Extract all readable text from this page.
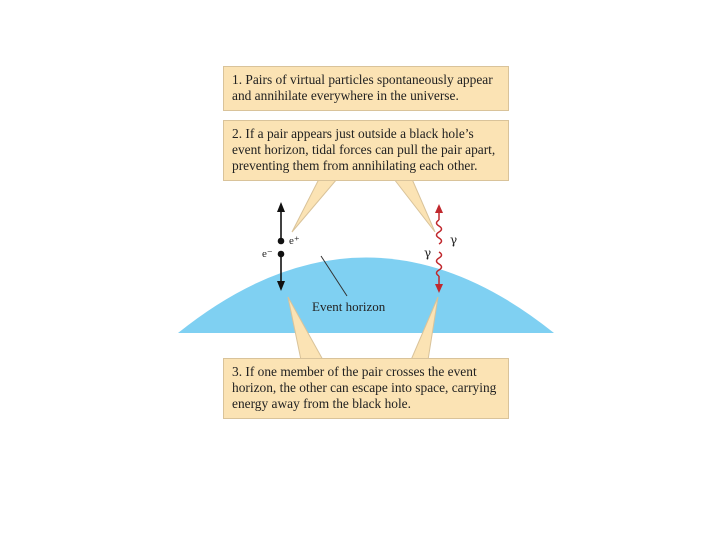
Event horizon
e⁺
e⁻
γ
γ
1. Pairs of virtual particles spontaneously appear
and annihilate everywhere in the universe.
2. If a pair appears just outside a black hole’s
event horizon, tidal forces can pull the pair apart,
preventing them from annihilating each other.
3. If one member of the pair crosses the event
horizon, the other can escape into space, carrying
energy away from the black hole.
